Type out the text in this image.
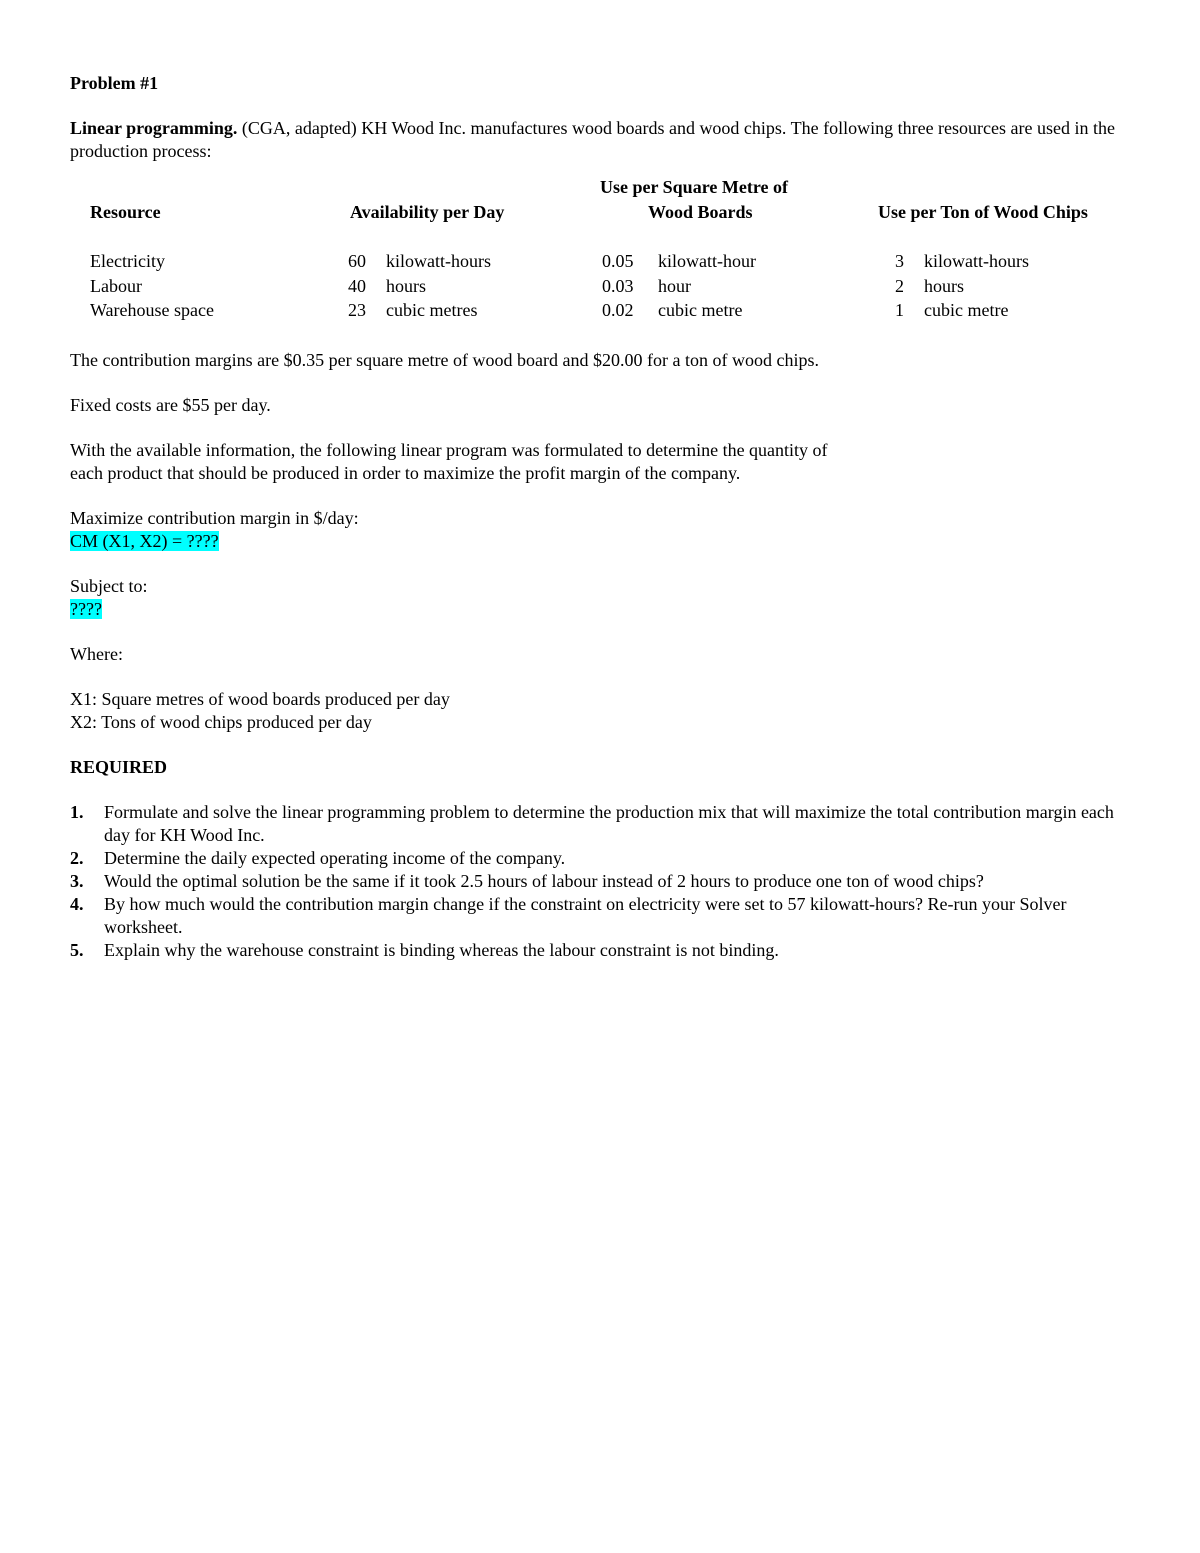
Problem #1
Linear programming. (CGA, adapted) KH Wood Inc. manufactures wood boards and wood chips. The following three resources are used in the production process:
Use per Square Metre of
Resource	Availability per Day	Wood Boards	Use per Ton of Wood Chips
Electricity	60 kilowatt-hours	0.05 kilowatt-hour	3 kilowatt-hours
Labour	40 hours	0.03 hour	2 hours
Warehouse space	23 cubic metres	0.02 cubic metre	1 cubic metre
The contribution margins are $0.35 per square metre of wood board and $20.00 for a ton of wood chips.
Fixed costs are $55 per day.
With the available information, the following linear program was formulated to determine the quantity of
each product that should be produced in order to maximize the profit margin of the company.
Maximize contribution margin in $/day:
CM (X1, X2) = ????
Subject to:
????
Where:
X1: Square metres of wood boards produced per day
X2: Tons of wood chips produced per day
REQUIRED
1.	Formulate and solve the linear programming problem to determine the production mix that will maximize the total contribution margin each day for KH Wood Inc.
2.	Determine the daily expected operating income of the company.
3.	Would the optimal solution be the same if it took 2.5 hours of labour instead of 2 hours to produce one ton of wood chips?
4.	By how much would the contribution margin change if the constraint on electricity were set to 57 kilowatt-hours? Re-run your Solver worksheet.
5.	Explain why the warehouse constraint is binding whereas the labour constraint is not binding.
